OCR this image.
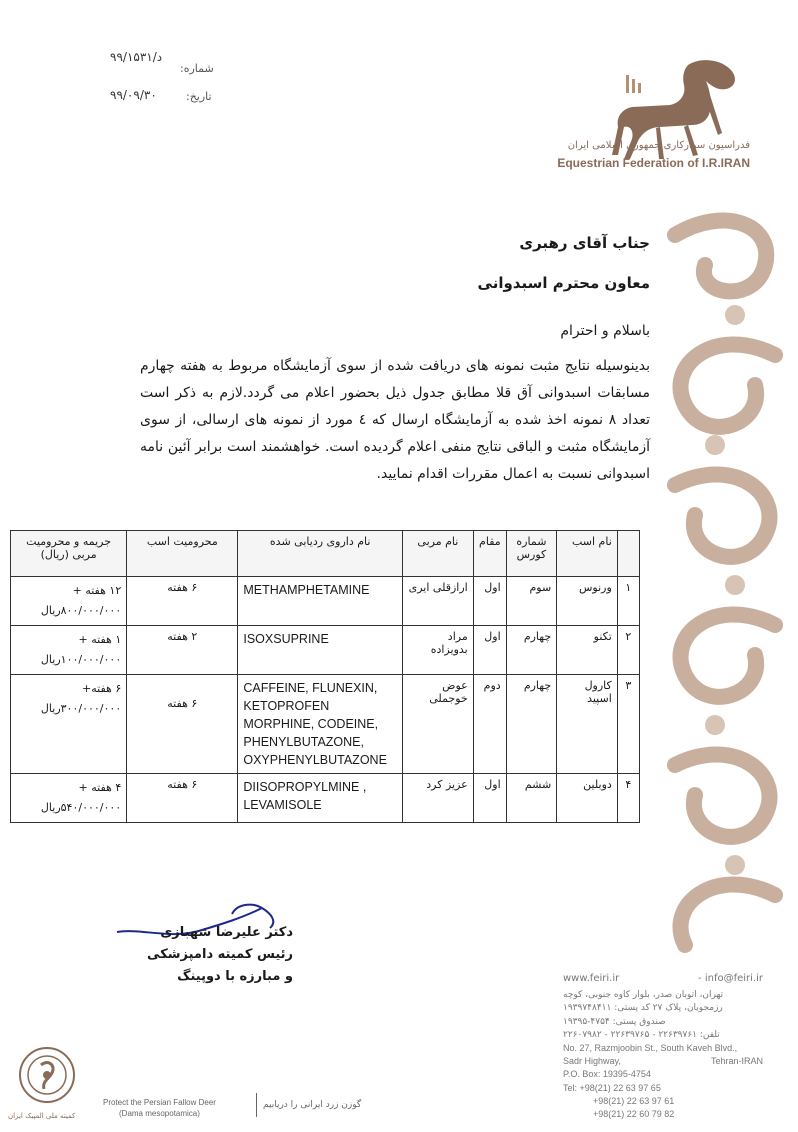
۹۹/د/۱۵۳۱
شماره:
۹۹/۰۹/۳۰	تاریخ:
فدراسیون سوارکاری جمهوری اسلامی ایران
Equestrian Federation of I.R.IRAN
جناب آقای رهبری
معاون محترم اسبدوانی
باسلام و احترام
بدینوسیله نتایج مثبت نمونه های دریافت شده از سوی آزمایشگاه مربوط به هفته چهارم مسابقات اسبدوانی آق قلا مطابق جدول ذیل بحضور اعلام می گردد.لازم به ذکر است تعداد ۸ نمونه اخذ شده به آزمایشگاه ارسال که ٤ مورد از نمونه های ارسالی، از سوی آزمایشگاه مثبت و الباقی نتایج منفی اعلام گردیده است. خواهشمند است برابر آئین نامه اسبدوانی نسبت به اعمال مقررات اقدام نمایید.
	نام اسب	شماره کورس	مقام	نام مربی	نام داروی ردیابی شده	محرومیت اسب	جریمه و محرومیت مربی (ریال)
۱	ورنوس	سوم	اول	ارازقلی ایری	METHAMPHETAMINE	۶ هفته	۱۲ هفته +
۸۰۰/۰۰۰/۰۰۰ریال

۲	تکنو	چهارم	اول	مراد بدویزاده	ISOXSUPRINE	۲ هفته	۱ هفته +
۱۰۰/۰۰۰/۰۰۰ریال

۳	کارول اسپید	چهارم	دوم	عوض خوجملی	CAFFEINE, FLUNEXIN, KETOPROFEN MORPHINE, CODEINE, PHENYLBUTAZONE, OXYPHENYLBUTAZONE	۶ هفته	۶ هفته+
۳۰۰/۰۰۰/۰۰۰ریال

۴	دوبلین	ششم	اول	عزیز کرد	DIISOPROPYLMINE , LEVAMISOLE	۶ هفته	۴ هفته +
۵۴۰/۰۰۰/۰۰۰ریال
دکتر علیرضا شهبازی
رئیس کمیته دامپزشکی
و مبارزه با دوپینگ	www.feiri.ir	- info@feiri.ir
تهران، اتوبان صدر، بلوار کاوه جنوبی، کوچه
رزمجویان، پلاک ۲۷ کد پستی: ۱۹۳۹۷۴۸۴۱۱
صندوق پستی: ۴۷۵۴-۱۹۳۹۵
تلفن: ۲۲۶۳۹۷۶۱ - ۲۲۶۳۹۷۶۵ - ۲۲۶۰۷۹۸۲
No. 27, Razmjoobin St., South Kaveh Blvd.,
Sadr Highway,	Tehran-IRAN
P.O. Box: 19395-4754
Tel: +98(21) 22 63 97 65
+98(21) 22 63 97 61
+98(21) 22 60 79 82
کمیته ملی المپیک ایران
Protect the Persian Fallow Deer
(Dama mesopotamica)
گوزن زرد ایرانی را دریابیم
